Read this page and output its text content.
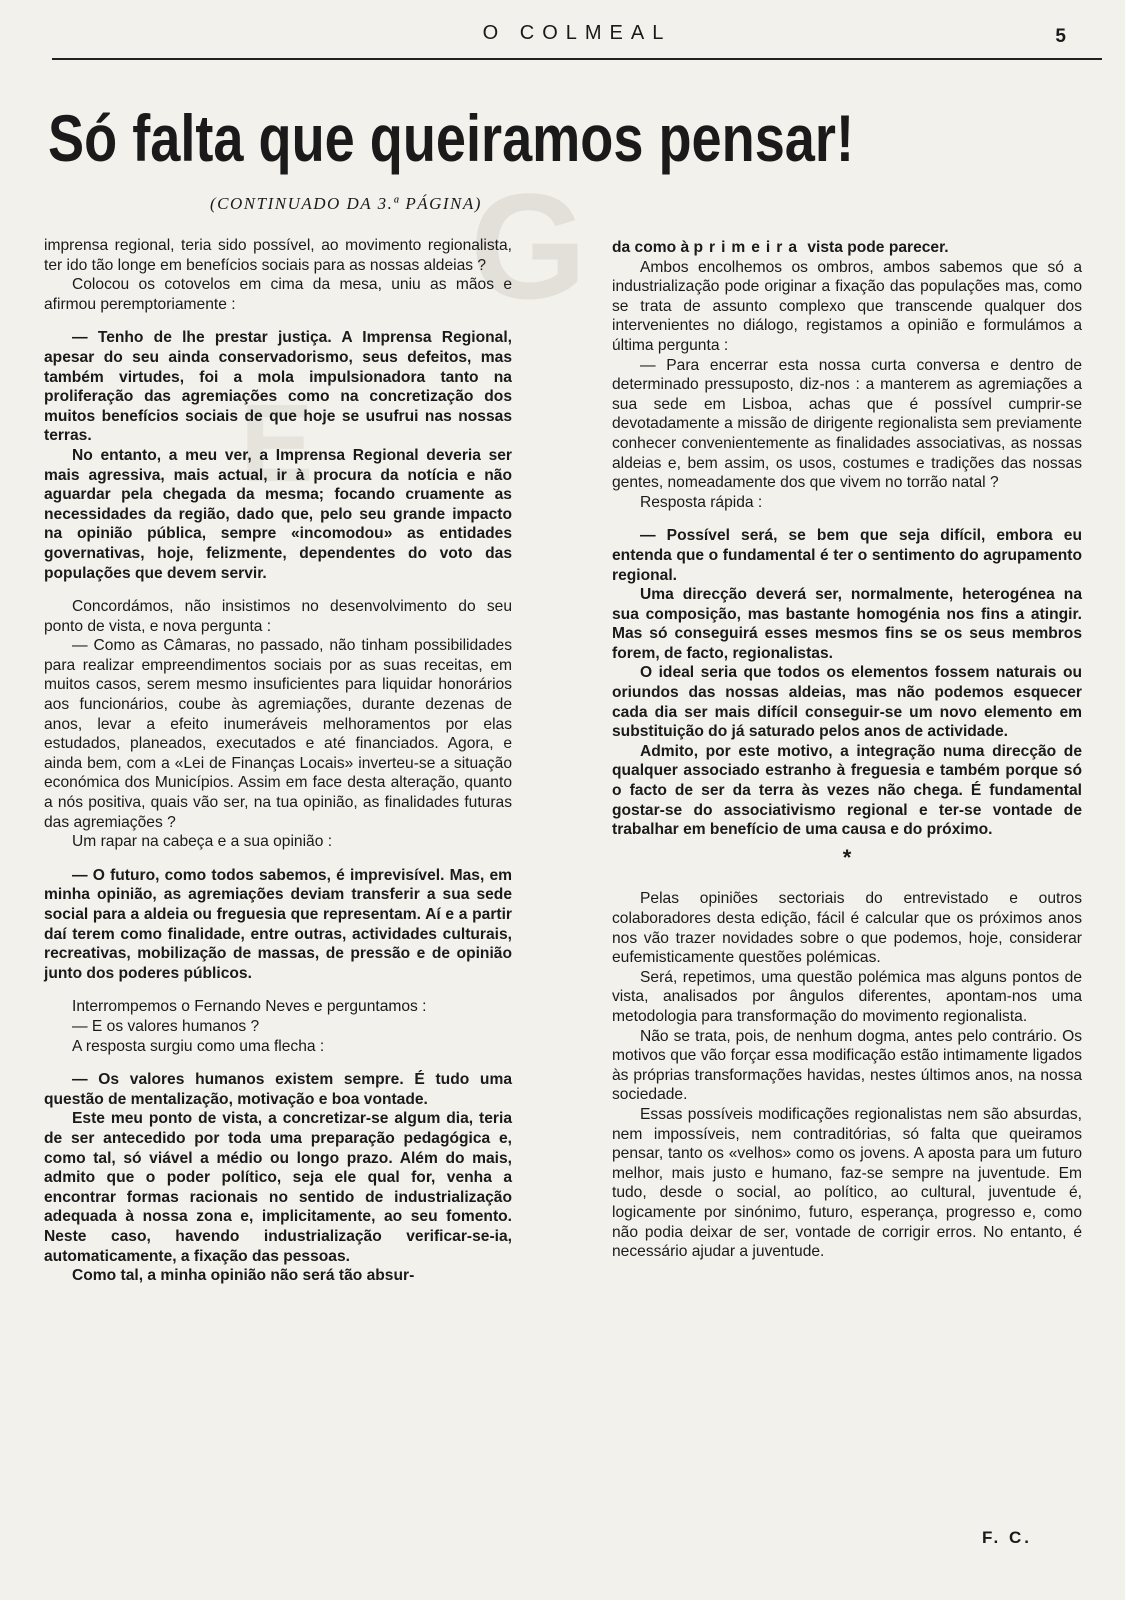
G
E
O COLMEAL	5
Só falta que queiramos pensar!
(CONTINUADO DA 3.ª PÁGINA)

imprensa regional, teria sido possível, ao movimento regionalista, ter ido tão longe em benefícios sociais para as nossas aldeias ?

Colocou os cotovelos em cima da mesa, uniu as mãos e afirmou peremptoriamente :

— Tenho de lhe prestar justiça. A Imprensa Regional, apesar do seu ainda conservadorismo, seus defeitos, mas também virtudes, foi a mola impulsionadora tanto na proliferação das agremiações como na concretização dos muitos benefícios sociais de que hoje se usufrui nas nossas terras.

No entanto, a meu ver, a Imprensa Regional deveria ser mais agressiva, mais actual, ir à procura da notícia e não aguardar pela chegada da mesma; focando cruamente as necessidades da região, dado que, pelo seu grande impacto na opinião pública, sempre «incomodou» as entidades governativas, hoje, felizmente, dependentes do voto das populações que devem servir.

Concordámos, não insistimos no desenvolvimento do seu ponto de vista, e nova pergunta :

— Como as Câmaras, no passado, não tinham possibilidades para realizar empreendimentos sociais por as suas receitas, em muitos casos, serem mesmo insuficientes para liquidar honorários aos funcionários, coube às agremiações, durante dezenas de anos, levar a efeito inumeráveis melhoramentos por elas estudados, planeados, executados e até financiados. Agora, e ainda bem, com a «Lei de Finanças Locais» inverteu-se a situação económica dos Municípios. Assim em face desta alteração, quanto a nós positiva, quais vão ser, na tua opinião, as finalidades futuras das agremiações ?

Um rapar na cabeça e a sua opinião :

— O futuro, como todos sabemos, é imprevisível. Mas, em minha opinião, as agremiações deviam transferir a sua sede social para a aldeia ou freguesia que representam. Aí e a partir daí terem como finalidade, entre outras, actividades culturais, recreativas, mobilização de massas, de pressão e de opinião junto dos poderes públicos.

Interrompemos o Fernando Neves e perguntamos :

— E os valores humanos ?

A resposta surgiu como uma flecha :

— Os valores humanos existem sempre. É tudo uma questão de mentalização, motivação e boa vontade.

Este meu ponto de vista, a concretizar-se algum dia, teria de ser antecedido por toda uma preparação pedagógica e, como tal, só viável a médio ou longo prazo. Além do mais, admito que o poder político, seja ele qual for, venha a encontrar formas racionais no sentido de industrialização adequada à nossa zona e, implicitamente, ao seu fomento. Neste caso, havendo industrialização verificar-se-ia, automaticamente, a fixação das pessoas.

Como tal, a minha opinião não será tão absur-

da como à primeira vista pode parecer.

Ambos encolhemos os ombros, ambos sabemos que só a industrialização pode originar a fixação das populações mas, como se trata de assunto complexo que transcende qualquer dos intervenientes no diálogo, registamos a opinião e formulámos a última pergunta :

— Para encerrar esta nossa curta conversa e dentro de determinado pressuposto, diz-nos : a manterem as agremiações a sua sede em Lisboa, achas que é possível cumprir-se devotadamente a missão de dirigente regionalista sem previamente conhecer convenientemente as finalidades associativas, as nossas aldeias e, bem assim, os usos, costumes e tradições das nossas gentes, nomeadamente dos que vivem no torrão natal ?

Resposta rápida :

— Possível será, se bem que seja difícil, embora eu entenda que o fundamental é ter o sentimento do agrupamento regional.

Uma direcção deverá ser, normalmente, heterogénea na sua composição, mas bastante homogénia nos fins a atingir. Mas só conseguirá esses mesmos fins se os seus membros forem, de facto, regionalistas.

O ideal seria que todos os elementos fossem naturais ou oriundos das nossas aldeias, mas não podemos esquecer cada dia ser mais difícil conseguir-se um novo elemento em substituição do já saturado pelos anos de actividade.

Admito, por este motivo, a integração numa direcção de qualquer associado estranho à freguesia e também porque só o facto de ser da terra às vezes não chega. É fundamental gostar-se do associativismo regional e ter-se vontade de trabalhar em benefício de uma causa e do próximo.

*

Pelas opiniões sectoriais do entrevistado e outros colaboradores desta edição, fácil é calcular que os próximos anos nos vão trazer novidades sobre o que podemos, hoje, considerar eufemisticamente questões polémicas.

Será, repetimos, uma questão polémica mas alguns pontos de vista, analisados por ângulos diferentes, apontam-nos uma metodologia para transformação do movimento regionalista.

Não se trata, pois, de nenhum dogma, antes pelo contrário. Os motivos que vão forçar essa modificação estão intimamente ligados às próprias transformações havidas, nestes últimos anos, na nossa sociedade.

Essas possíveis modificações regionalistas nem são absurdas, nem impossíveis, nem contraditórias, só falta que queiramos pensar, tanto os «velhos» como os jovens. A aposta para um futuro melhor, mais justo e humano, faz-se sempre na juventude. Em tudo, desde o social, ao político, ao cultural, juventude é, logicamente por sinónimo, futuro, esperança, progresso e, como não podia deixar de ser, vontade de corrigir erros. No entanto, é necessário ajudar a juventude.

F. C.
